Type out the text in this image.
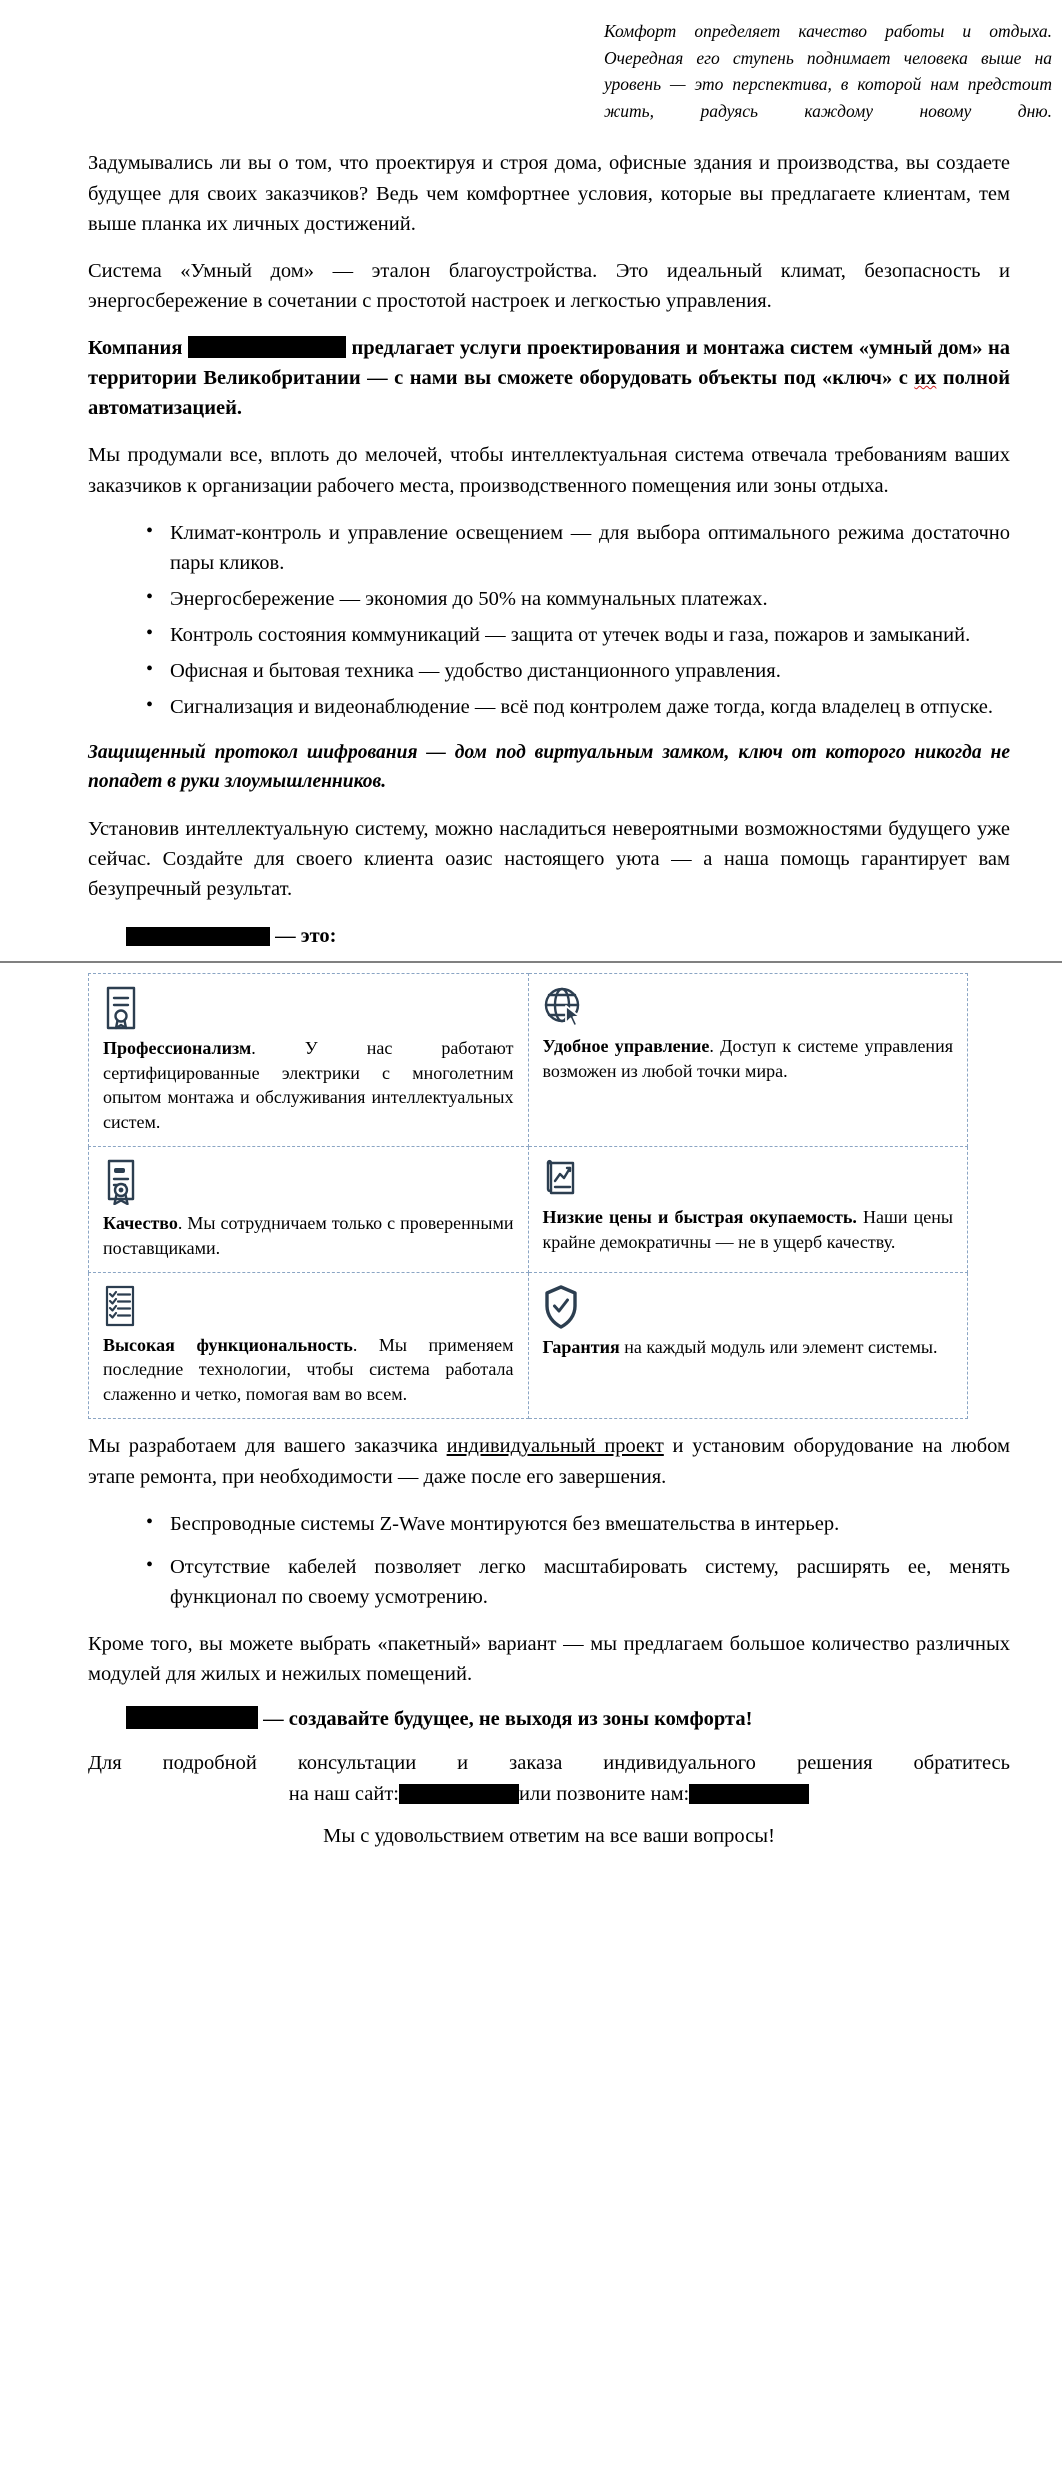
Комфорт определяет качество работы и отдыха. Очередная его ступень поднимает человека выше на уровень — это перспектива, в которой нам предстоит жить, радуясь каждому новому дню.

Задумывались ли вы о том, что проектируя и строя дома, офисные здания и производства, вы создаете будущее для своих заказчиков? Ведь чем комфортнее условия, которые вы предлагаете клиентам, тем выше планка их личных достижений.

Система «Умный дом» — эталон благоустройства. Это идеальный климат, безопасность и энергосбережение в сочетании с простотой настроек и легкостью управления.

Компания	предлагает услуги проектирования и монтажа систем «умный дом» на территории Великобритании — с нами вы сможете оборудовать объекты под «ключ» с их полной автоматизацией.

Мы продумали все, вплоть до мелочей, чтобы интеллектуальная система отвечала требованиям ваших заказчиков к организации рабочего места, производственного помещения или зоны отдыха.

• Климат-контроль и управление освещением — для выбора оптимального режима достаточно пары кликов.
• Энергосбережение — экономия до 50% на коммунальных платежах.
• Контроль состояния коммуникаций — защита от утечек воды и газа, пожаров и замыканий.
• Офисная и бытовая техника — удобство дистанционного управления.
• Сигнализация и видеонаблюдение — всё под контролем даже тогда, когда владелец в отпуске.

Защищенный протокол шифрования — дом под виртуальным замком, ключ от которого никогда не попадет в руки злоумышленников.

Установив интеллектуальную систему, можно насладиться невероятными возможностями будущего уже сейчас. Создайте для своего клиента оазис настоящего уюта — а наша помощь гарантирует вам безупречный результат.

— это:

Профессионализм. У нас работают сертифицированные электрики с многолетним опытом монтажа и обслуживания интеллектуальных систем.	Удобное управление. Доступ к системе управления возможен из любой точки мира.

Качество. Мы сотрудничаем только с проверенными поставщиками.	Низкие цены и быстрая окупаемость. Наши цены крайне демократичны — не в ущерб качеству.

Высокая функциональность. Мы применяем последние технологии, чтобы система работала слаженно и четко, помогая вам во всем.	Гарантия на каждый модуль или элемент системы.

Мы разработаем для вашего заказчика индивидуальный проект и установим оборудование на любом этапе ремонта, при необходимости — даже после его завершения.

• Беспроводные системы Z-Wave монтируются без вмешательства в интерьер.
• Отсутствие кабелей позволяет легко масштабировать систему, расширять ее, менять функционал по своему усмотрению.

Кроме того, вы можете выбрать «пакетный» вариант — мы предлагаем большое количество различных модулей для жилых и нежилых помещений.

— создавайте будущее, не выходя из зоны комфорта!

Для подробной консультации и заказа индивидуального решения обратитесь
на наш сайт:	или позвоните нам:

Мы с удовольствием ответим на все ваши вопросы!
